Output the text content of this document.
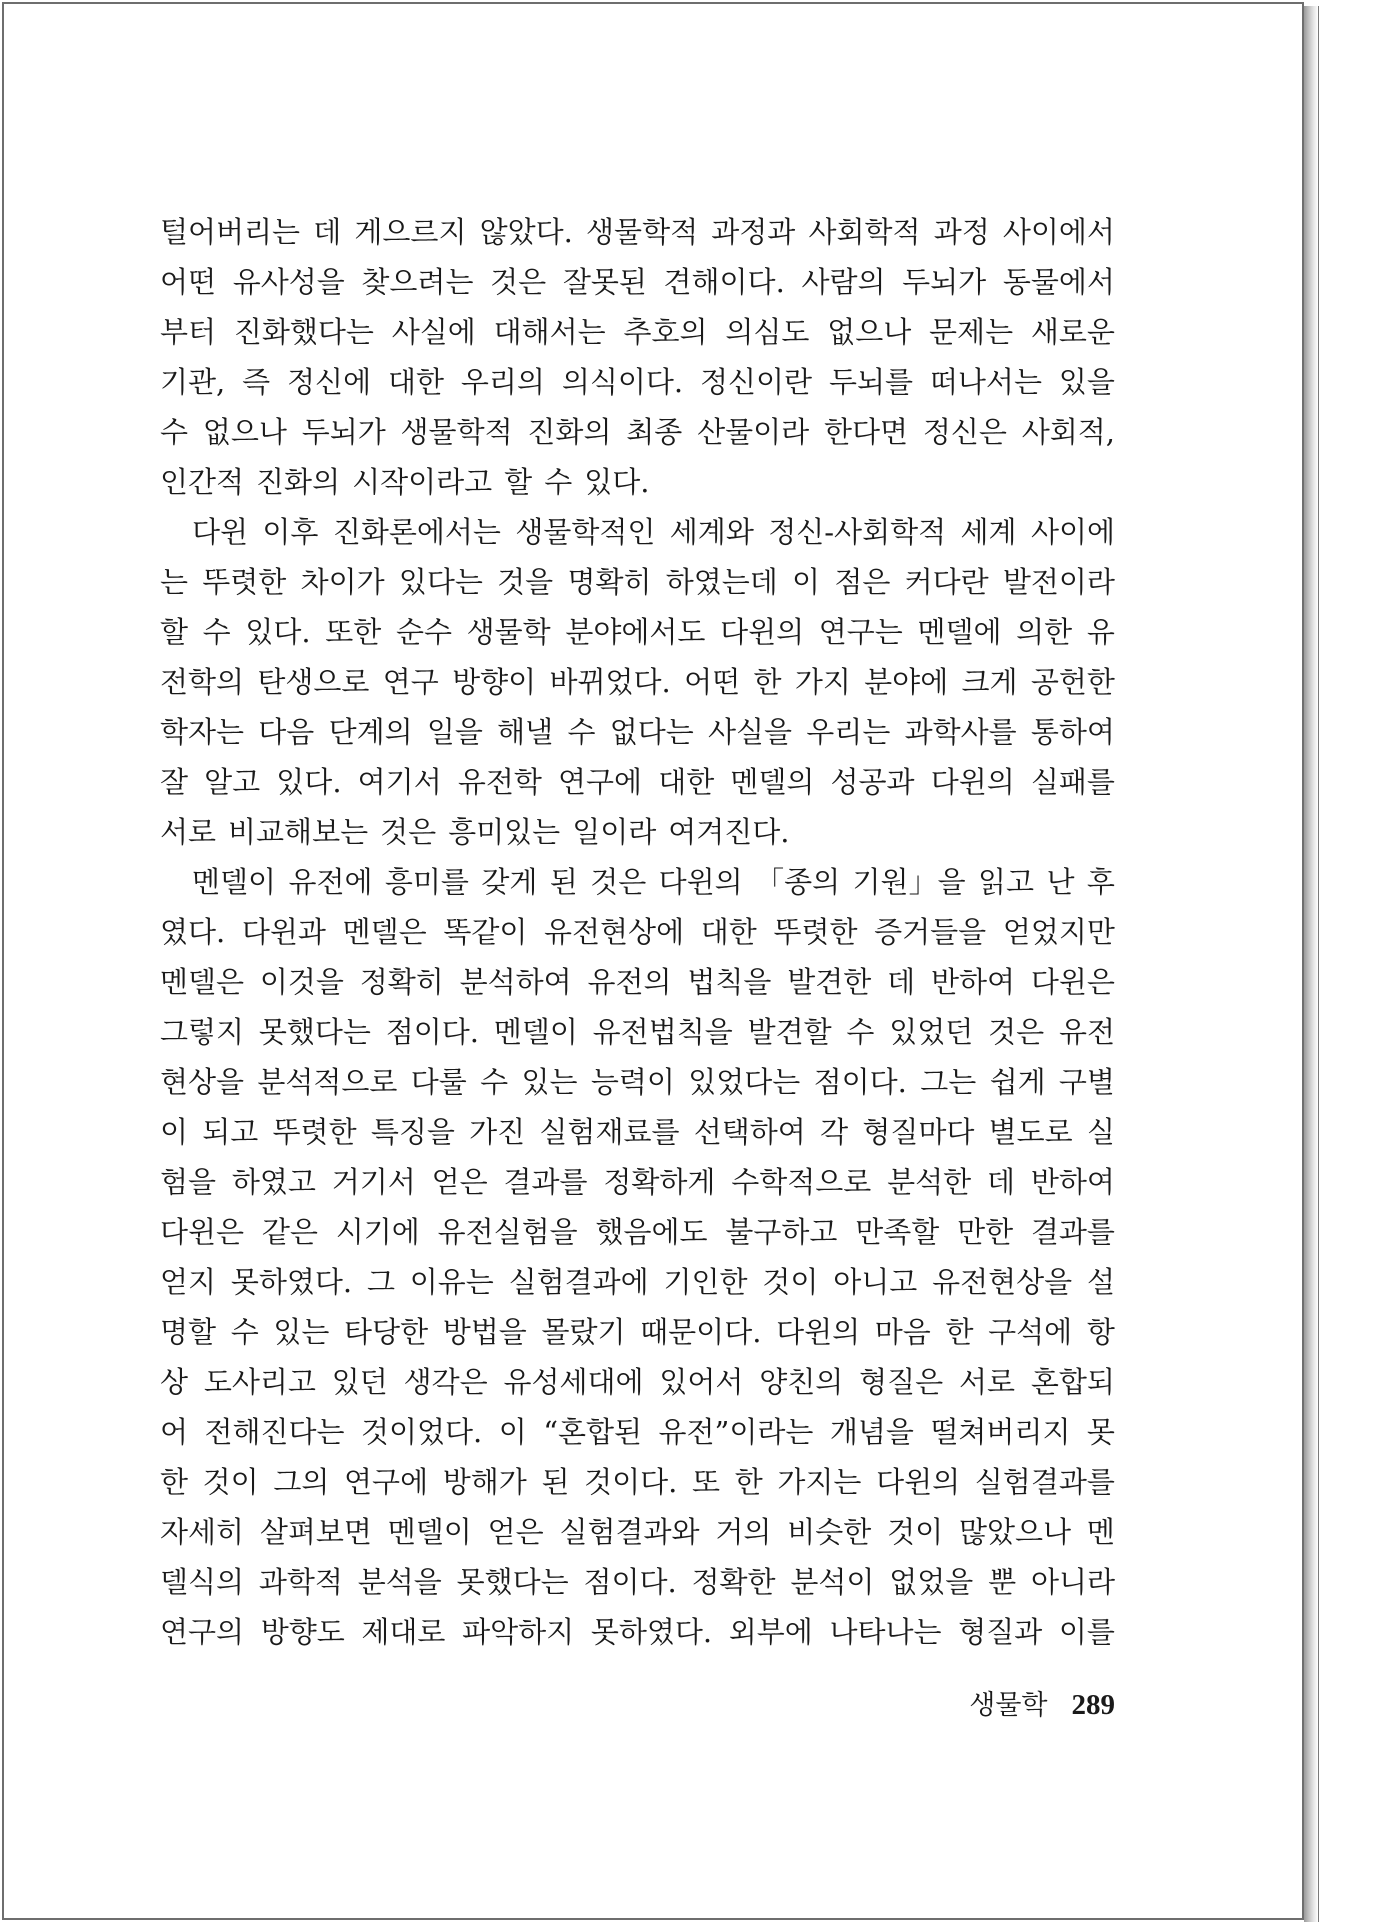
털어버리는 데 게으르지 않았다. 생물학적 과정과 사회학적 과정 사이에서
어떤 유사성을 찾으려는 것은 잘못된 견해이다. 사람의 두뇌가 동물에서
부터 진화했다는 사실에 대해서는 추호의 의심도 없으나 문제는 새로운
기관, 즉 정신에 대한 우리의 의식이다. 정신이란 두뇌를 떠나서는 있을
수 없으나 두뇌가 생물학적 진화의 최종 산물이라 한다면 정신은 사회적,
인간적 진화의 시작이라고 할 수 있다.
다윈 이후 진화론에서는 생물학적인 세계와 정신-사회학적 세계 사이에
는 뚜렷한 차이가 있다는 것을 명확히 하였는데 이 점은 커다란 발전이라
할 수 있다. 또한 순수 생물학 분야에서도 다윈의 연구는 멘델에 의한 유
전학의 탄생으로 연구 방향이 바뀌었다. 어떤 한 가지 분야에 크게 공헌한
학자는 다음 단계의 일을 해낼 수 없다는 사실을 우리는 과학사를 통하여
잘 알고 있다. 여기서 유전학 연구에 대한 멘델의 성공과 다윈의 실패를
서로 비교해보는 것은 흥미있는 일이라 여겨진다.
멘델이 유전에 흥미를 갖게 된 것은 다윈의 「종의 기원」을 읽고 난 후
였다. 다윈과 멘델은 똑같이 유전현상에 대한 뚜렷한 증거들을 얻었지만
멘델은 이것을 정확히 분석하여 유전의 법칙을 발견한 데 반하여 다윈은
그렇지 못했다는 점이다. 멘델이 유전법칙을 발견할 수 있었던 것은 유전
현상을 분석적으로 다룰 수 있는 능력이 있었다는 점이다. 그는 쉽게 구별
이 되고 뚜렷한 특징을 가진 실험재료를 선택하여 각 형질마다 별도로 실
험을 하였고 거기서 얻은 결과를 정확하게 수학적으로 분석한 데 반하여
다윈은 같은 시기에 유전실험을 했음에도 불구하고 만족할 만한 결과를
얻지 못하였다. 그 이유는 실험결과에 기인한 것이 아니고 유전현상을 설
명할 수 있는 타당한 방법을 몰랐기 때문이다. 다윈의 마음 한 구석에 항
상 도사리고 있던 생각은 유성세대에 있어서 양친의 형질은 서로 혼합되
어 전해진다는 것이었다. 이 “혼합된 유전”이라는 개념을 떨쳐버리지 못
한 것이 그의 연구에 방해가 된 것이다. 또 한 가지는 다윈의 실험결과를
자세히 살펴보면 멘델이 얻은 실험결과와 거의 비슷한 것이 많았으나 멘
델식의 과학적 분석을 못했다는 점이다. 정확한 분석이 없었을 뿐 아니라
연구의 방향도 제대로 파악하지 못하였다. 외부에 나타나는 형질과 이를
생물학 289
